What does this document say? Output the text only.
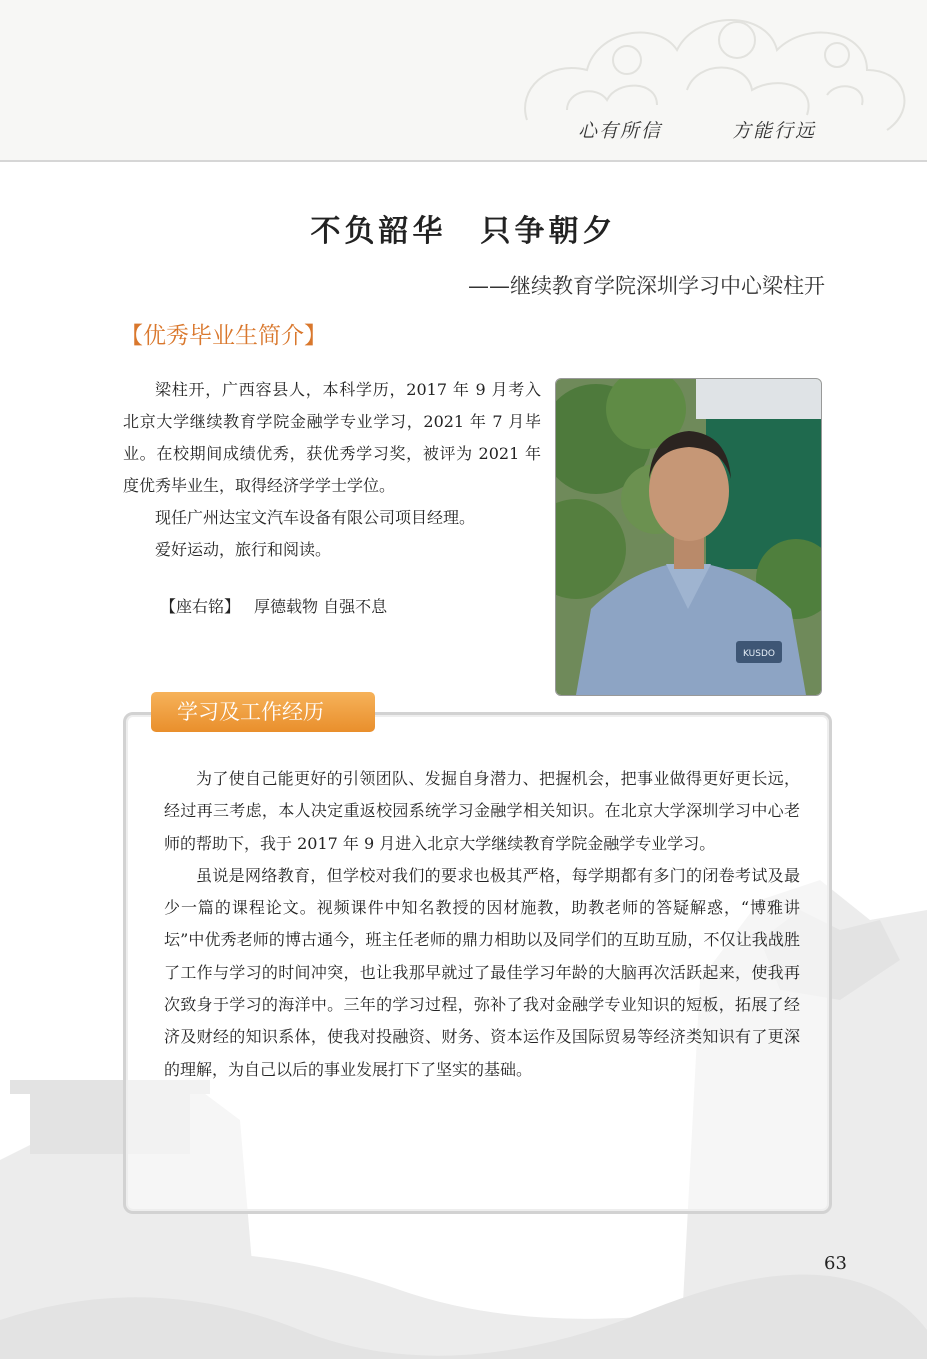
心有所信	方能行远
不负韶华　只争朝夕
——继续教育学院深圳学习中心梁柱开
【优秀毕业生简介】

梁柱开，广西容县人，本科学历，2017 年 9 月考入北京大学继续教育学院金融学专业学习，2021 年 7 月毕业。在校期间成绩优秀，获优秀学习奖，被评为 2021 年度优秀毕业生，取得经济学学士学位。

现任广州达宝文汽车设备有限公司项目经理。

爱好运动，旅行和阅读。

【座右铭】 厚德载物 自强不息
KUSDO
学习及工作经历

为了使自己能更好的引领团队、发掘自身潜力、把握机会，把事业做得更好更长远，经过再三考虑，本人决定重返校园系统学习金融学相关知识。在北京大学深圳学习中心老师的帮助下，我于 2017 年 9 月进入北京大学继续教育学院金融学专业学习。

虽说是网络教育，但学校对我们的要求也极其严格，每学期都有多门的闭卷考试及最少一篇的课程论文。视频课件中知名教授的因材施教，助教老师的答疑解惑，“博雅讲坛”中优秀老师的博古通今，班主任老师的鼎力相助以及同学们的互助互励，不仅让我战胜了工作与学习的时间冲突，也让我那早就过了最佳学习年龄的大脑再次活跃起来，使我再次致身于学习的海洋中。三年的学习过程，弥补了我对金融学专业知识的短板，拓展了经济及财经的知识系体，使我对投融资、财务、资本运作及国际贸易等经济类知识有了更深的理解，为自己以后的事业发展打下了坚实的基础。

63
